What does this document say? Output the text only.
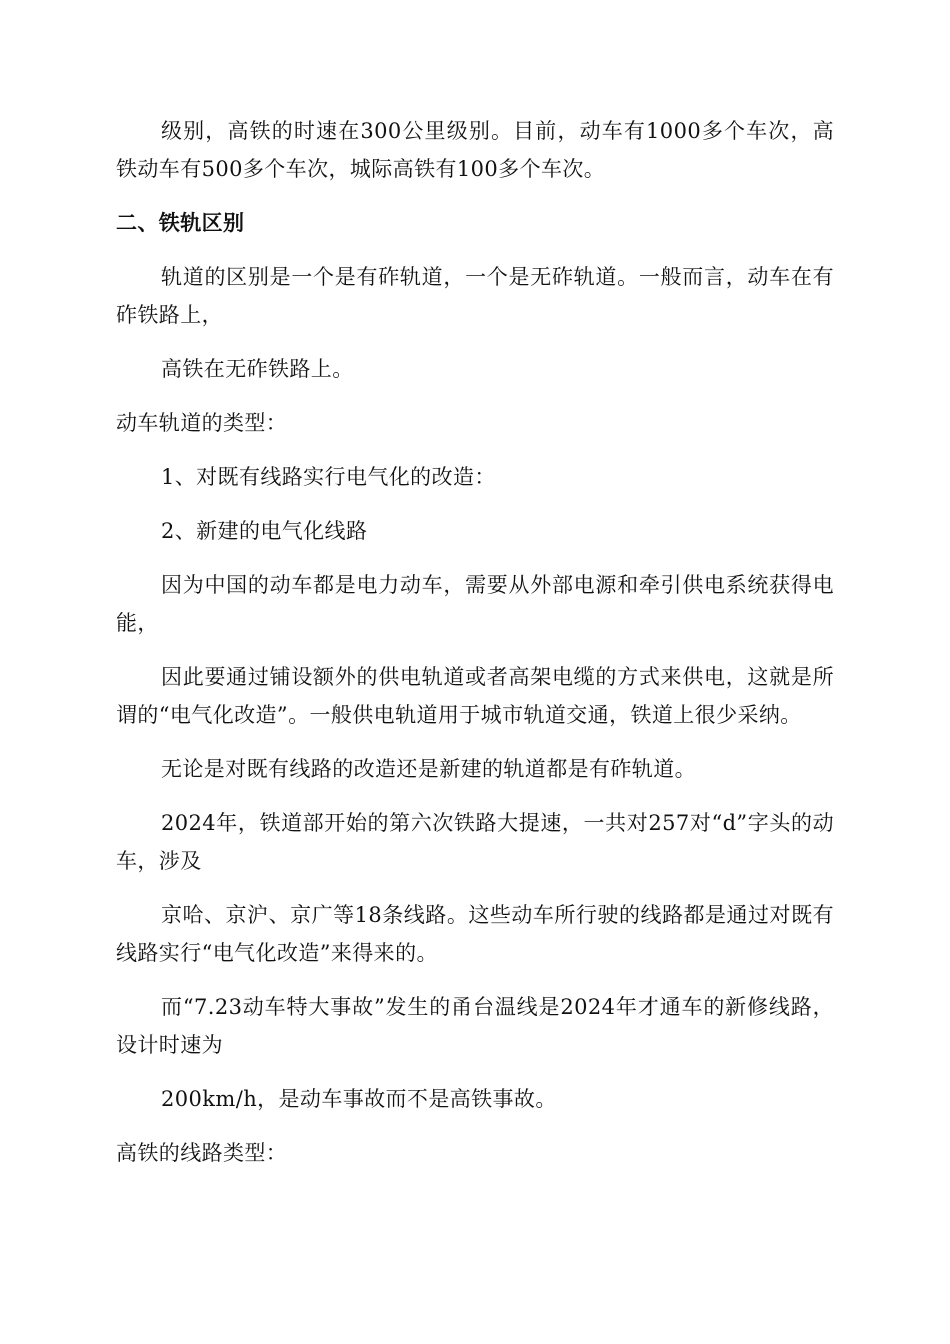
级别，高铁的时速在300公里级别。目前，动车有1000多个车次，高铁动车有500多个车次，城际高铁有100多个车次。

二、铁轨区别

轨道的区别是一个是有砟轨道，一个是无砟轨道。一般而言，动车在有砟铁路上，

高铁在无砟铁路上。

动车轨道的类型：

1、对既有线路实行电气化的改造：

2、新建的电气化线路

因为中国的动车都是电力动车，需要从外部电源和牵引供电系统获得电能，

因此要通过铺设额外的供电轨道或者高架电缆的方式来供电，这就是所谓的“电气化改造”。一般供电轨道用于城市轨道交通，铁道上很少采纳。

无论是对既有线路的改造还是新建的轨道都是有砟轨道。

2024年，铁道部开始的第六次铁路大提速，一共对257对“d”字头的动车，涉及

京哈、京沪、京广等18条线路。这些动车所行驶的线路都是通过对既有线路实行“电气化改造”来得来的。

而“7.23动车特大事故”发生的甬台温线是2024年才通车的新修线路，设计时速为

200km/h，是动车事故而不是高铁事故。

高铁的线路类型：
